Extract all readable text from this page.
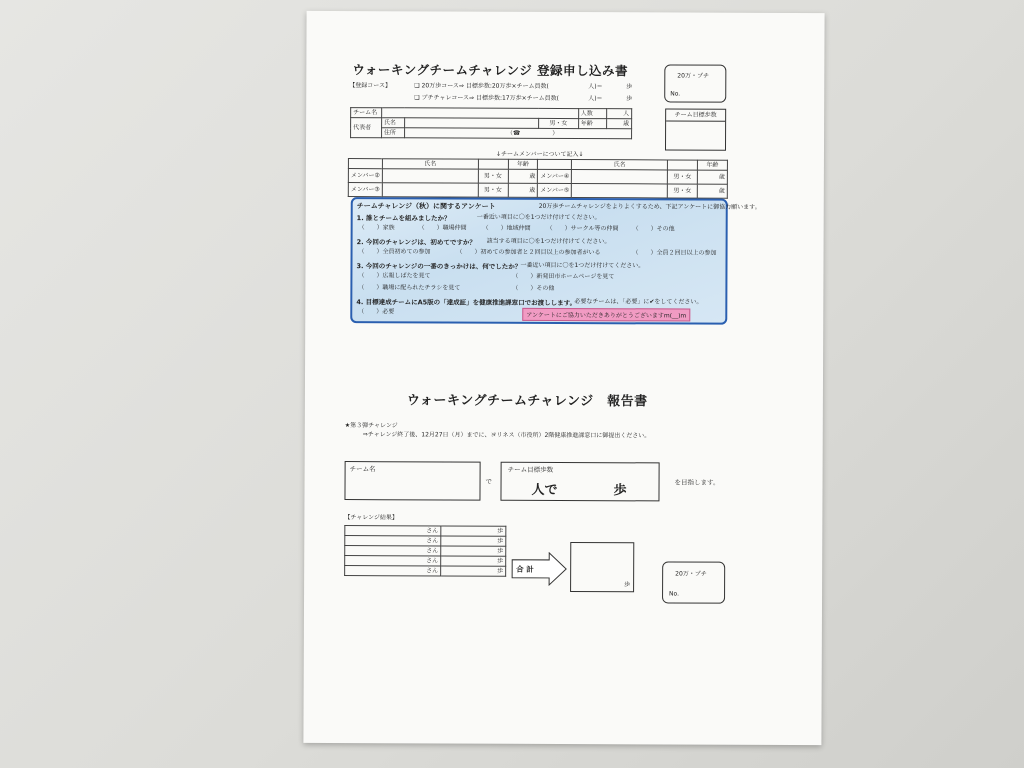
ウォーキングチームチャレンジ 登録申し込み書	20万・プチ
No.
【登録コース】	❑ 20万歩コース⇒ 目標歩数:20万歩×チーム員数(	人)＝	歩
❑ プチチャレコース⇒ 目標歩数:17万歩×チーム員数(	人)＝	歩
チーム目標歩数
チーム名				人数	人
代表者	氏名		男・女	年齢	歳
	住所	（☎ ）			
↓チームメンバーについて記入↓
	氏名		年齢		氏名		年齢
メンバー②		男・女	歳	メンバー④		男・女	歳
メンバー③		男・女	歳	メンバー⑤		男・女	歳
チームチャレンジ（秋）に関するアンケート	20万歩チームチャレンジをよりよくするため、下記アンケートに御協力願います。
1. 誰とチームを組みましたか？	一番近い項目に〇を1つだけ付けてください。
（　　）家族	（　　）職場仲間	（　　）地域仲間	（　　）サークル等の仲間 （　　）その他
2. 今回のチャレンジは、初めてですか？ 該当する項目に〇を1つだけ付けてください。
（　　）全員初めての参加	（　　）初めての参加者と２回目以上の参加者がいる	（　　）全員２回目以上の参加
3. 今回のチャレンジの一番のきっかけは、何でしたか？ 一番近い項目に〇を1つだけ付けてください。
（　　）広報しばたを見て	（　　）新発田市ホームページを見て
（　　）職場に配られたチラシを見て	（　　）その他
4. 目標達成チームにA5版の「達成証」を健康推進課窓口でお渡しします。
必要なチームは、「必要」に✔をしてください。
（　　）必要
アンケートにご協力いただきありがとうございますm(__)m
ウォーキングチームチャレンジ　報告書
★第３弾チャレンジ
⇒チャレンジ終了後、12月27日（月）までに、ヨリネス（市役所）2階健康推進課窓口に御提出ください。
チーム名
で
チーム目標歩数
人で	歩
を目指します。
【チャレンジ結果】
さん	歩
さん	歩
さん	歩
さん	歩
さん	歩 合 計
歩
20万・プチ
No.
